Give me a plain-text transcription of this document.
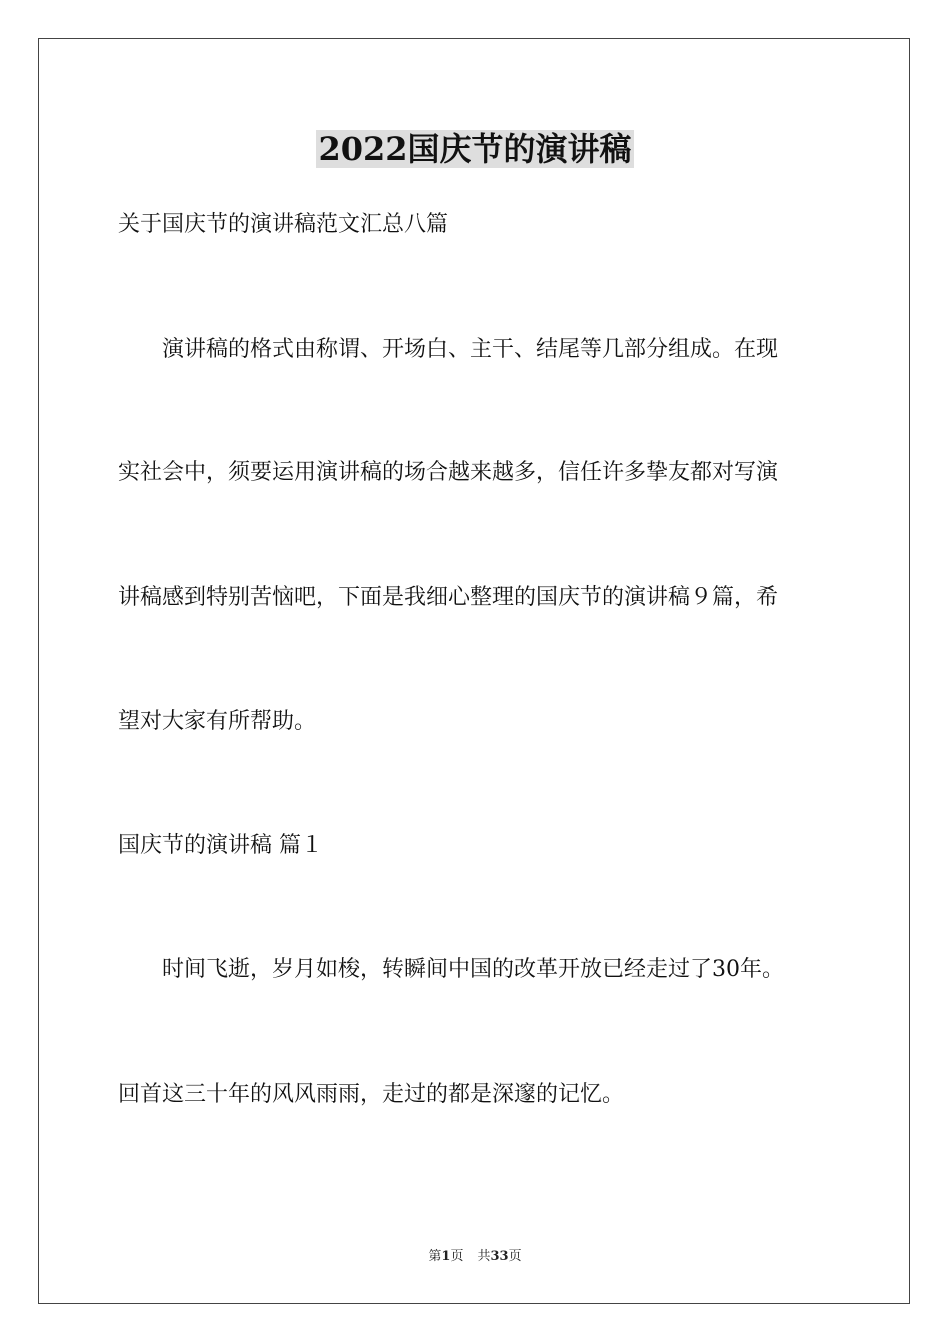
2022国庆节的演讲稿

关于国庆节的演讲稿范文汇总八篇

　　演讲稿的格式由称谓、开场白、主干、结尾等几部分组成。在现

实社会中，须要运用演讲稿的场合越来越多，信任许多挚友都对写演

讲稿感到特别苦恼吧，下面是我细心整理的国庆节的演讲稿９篇，希

望对大家有所帮助。

国庆节的演讲稿 篇１

　　时间飞逝，岁月如梭，转瞬间中国的改革开放已经走过了30年。

回首这三十年的风风雨雨，走过的都是深邃的记忆。

第1页 共33页
